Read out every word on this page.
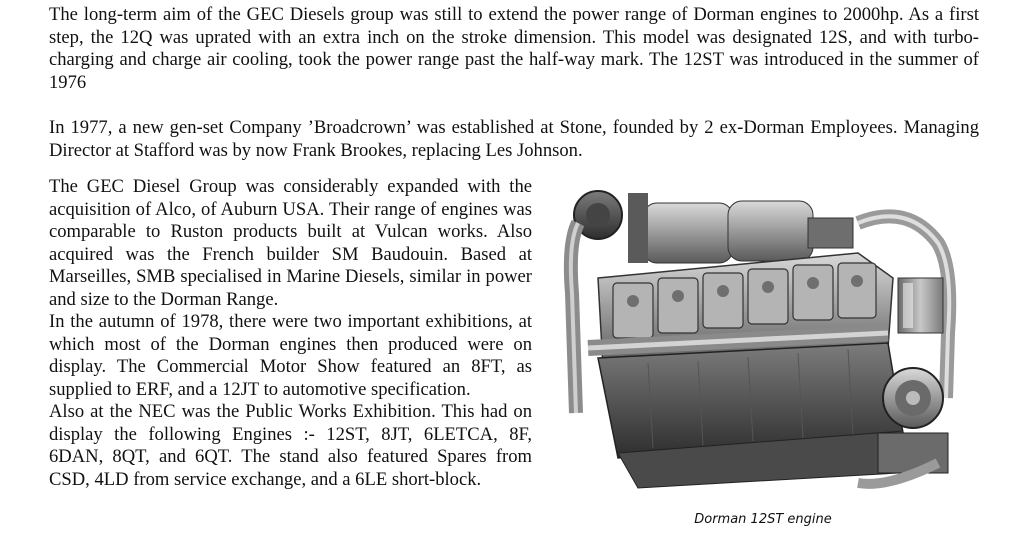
The long-term aim of the GEC Diesels group was still to extend the power range of Dorman engines to 2000hp. As a first step, the 12Q was uprated with an extra inch on the stroke dimension. This model was designated 12S, and with turbo-charging and charge air cooling, took the power range past the half-way mark. The 12ST was introduced in the summer of 1976

In 1977, a new gen-set Company ’Broadcrown’ was established at Stone, founded by 2 ex-Dorman Employees. Managing Director at Stafford was by now Frank Brookes, replacing Les Johnson.

The GEC Diesel Group was considerably expanded with the acquisition of Alco, of Auburn USA. Their range of engines was comparable to Ruston products built at Vulcan works. Also acquired was the French builder SM Baudouin. Based at Marseilles, SMB specialised in Marine Diesels, similar in power and size to the Dorman Range.
In the autumn of 1978, there were two important exhibitions, at which most of the Dorman engines then produced were on display. The Commercial Motor Show featured an 8FT, as supplied to ERF, and a 12JT to automotive specification.
Also at the NEC was the Public Works Exhibition. This had on display the following Engines :- 12ST, 8JT, 6LETCA, 8F, 6DAN, 8QT, and 6QT. The stand also featured Spares from CSD, 4LD from service exchange, and a 6LE short-block.
Dorman 12ST engine
